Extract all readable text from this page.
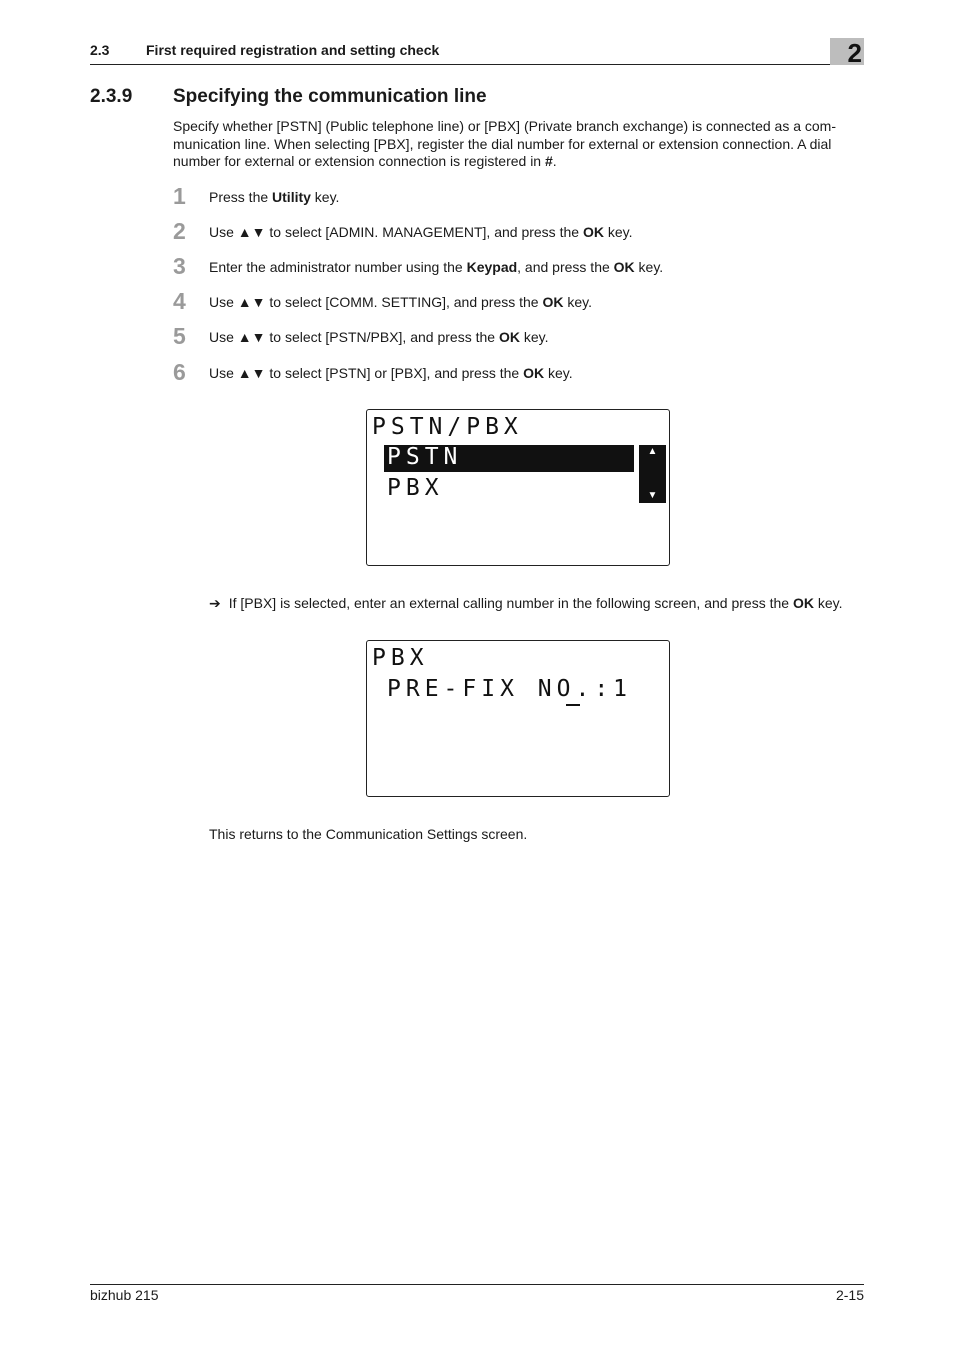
2.3	First required registration and setting check	2
2.3.9 Specifying the communication line
Specify whether [PSTN] (Public telephone line) or [PBX] (Private branch exchange) is connected as a com-munication line. When selecting [PBX], register the dial number for external or extension connection. A dial number for external or extension connection is registered in #.
1	Press the Utility key.
2	Use ▲▼ to select [ADMIN. MANAGEMENT], and press the OK key.
3	Enter the administrator number using the Keypad, and press the OK key.
4	Use ▲▼ to select [COMM. SETTING], and press the OK key.
5	Use ▲▼ to select [PSTN/PBX], and press the OK key.
6	Use ▲▼ to select [PSTN] or [PBX], and press the OK key.
PSTN/PBX
PSTN
PBX
▲
▼
➔ If [PBX] is selected, enter an external calling number in the following screen, and press the OK key.
PBX
PRE-FIX NO.:1
This returns to the Communication Settings screen.
bizhub 215	2-15
